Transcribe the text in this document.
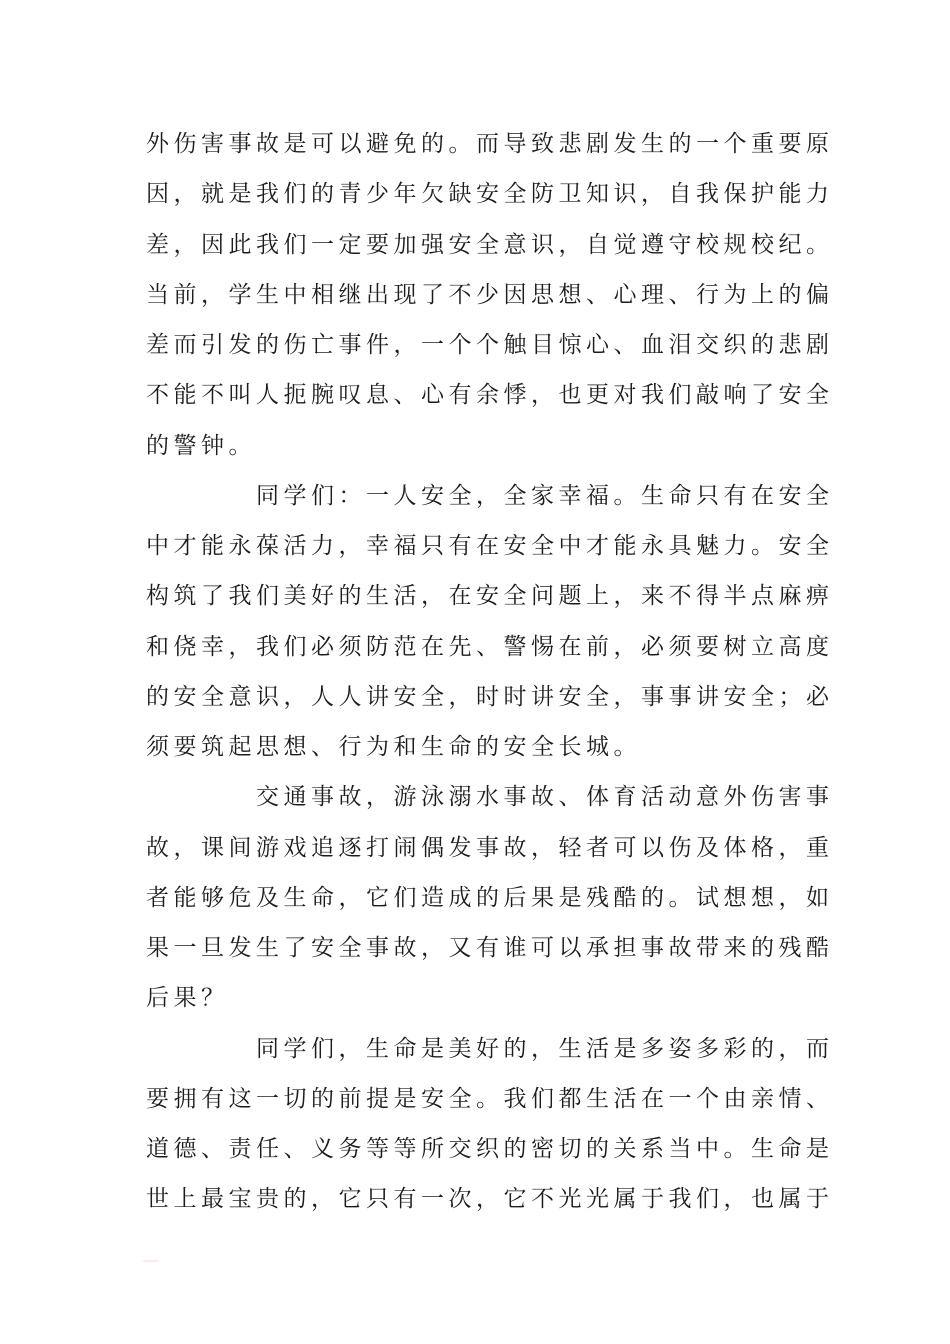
外伤害事故是可以避免的。而导致悲剧发生的一个重要原
因，就是我们的青少年欠缺安全防卫知识，自我保护能力
差，因此我们一定要加强安全意识，自觉遵守校规校纪。
当前，学生中相继出现了不少因思想、心理、行为上的偏
差而引发的伤亡事件，一个个触目惊心、血泪交织的悲剧
不能不叫人扼腕叹息、心有余悸，也更对我们敲响了安全
的警钟。
同学们：一人安全，全家幸福。生命只有在安全
中才能永葆活力，幸福只有在安全中才能永具魅力。安全
构筑了我们美好的生活，在安全问题上，来不得半点麻痹
和侥幸，我们必须防范在先、警惕在前，必须要树立高度
的安全意识，人人讲安全，时时讲安全，事事讲安全；必
须要筑起思想、行为和生命的安全长城。
交通事故，游泳溺水事故、体育活动意外伤害事
故，课间游戏追逐打闹偶发事故，轻者可以伤及体格，重
者能够危及生命，它们造成的后果是残酷的。试想想，如
果一旦发生了安全事故，又有谁可以承担事故带来的残酷
后果？
同学们，生命是美好的，生活是多姿多彩的，而
要拥有这一切的前提是安全。我们都生活在一个由亲情、
道德、责任、义务等等所交织的密切的关系当中。生命是
世上最宝贵的，它只有一次，它不光光属于我们，也属于
